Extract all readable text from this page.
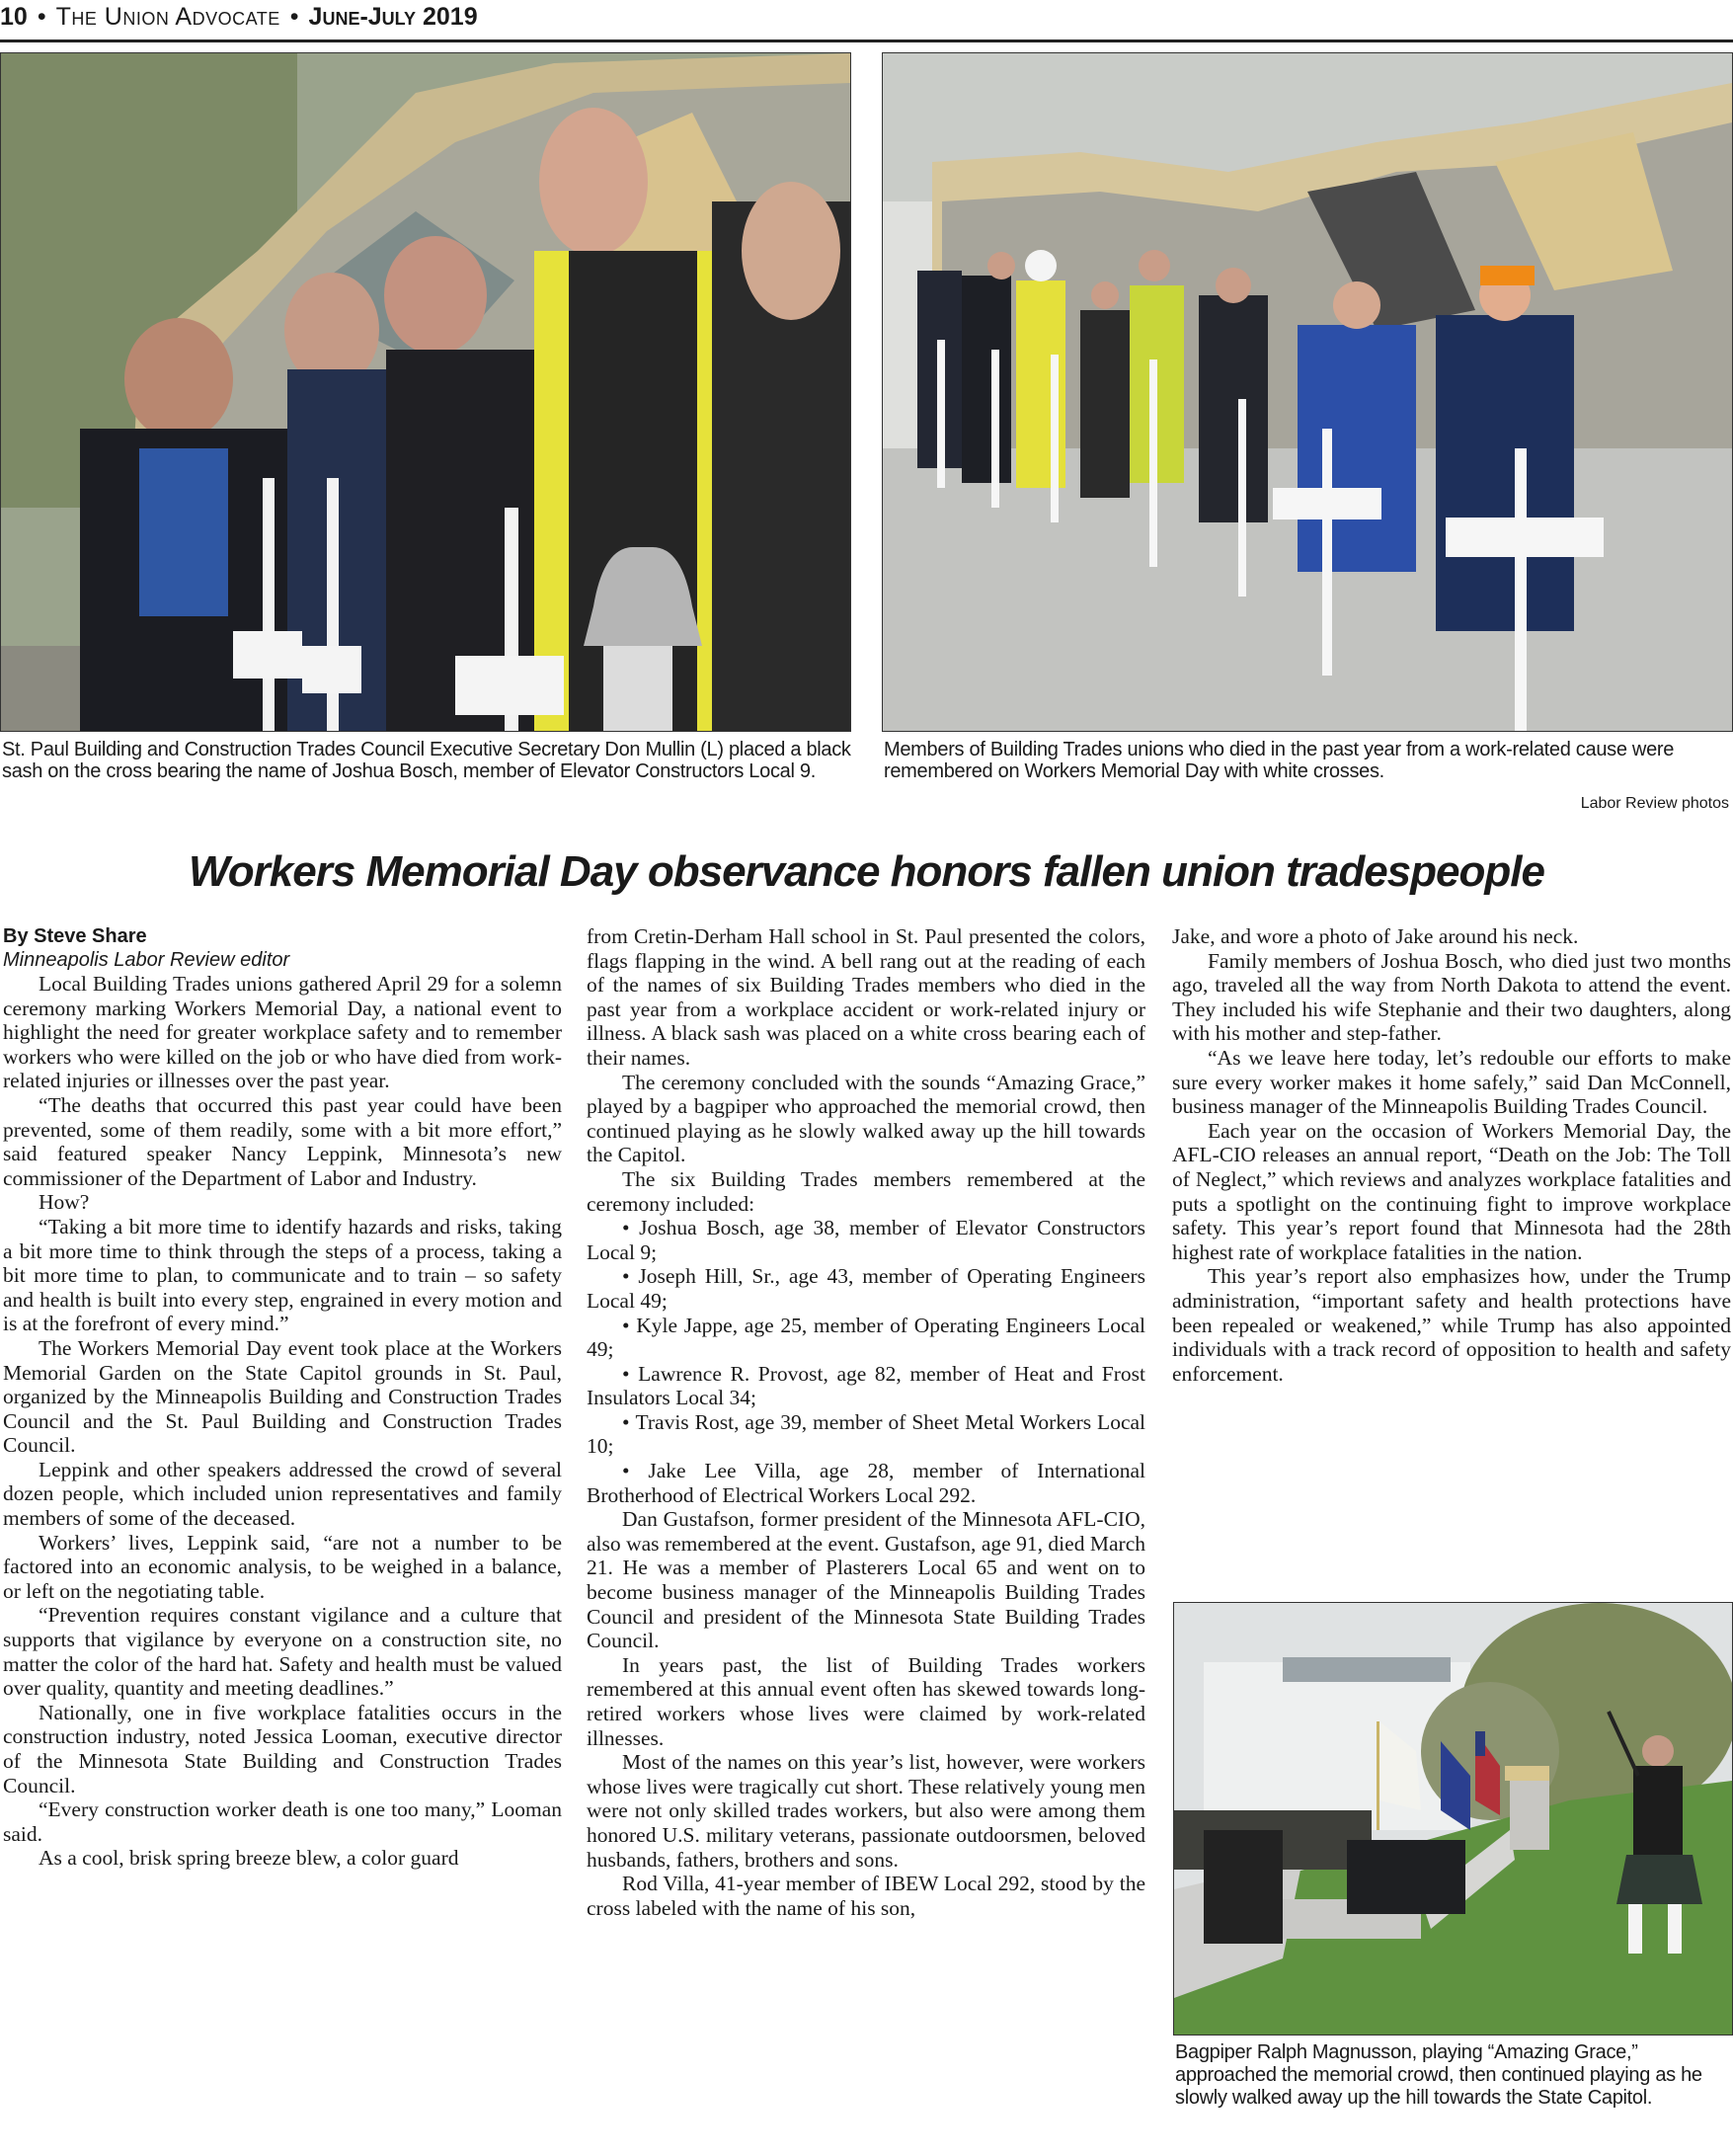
10 • The Union Advocate • June-July 2019
St. Paul Building and Construction Trades Council Executive Secretary Don Mullin (L) placed a black sash on the cross bearing the name of Joshua Bosch, member of Elevator Constructors Local 9.
Members of Building Trades unions who died in the past year from a work-related cause were remembered on Workers Memorial Day with white crosses.
Labor Review photos
Workers Memorial Day observance honors fallen union tradespeople
By Steve Share
Minneapolis Labor Review editor

Local Building Trades unions gathered April 29 for a solemn ceremony marking Workers Memorial Day, a national event to highlight the need for greater workplace safety and to remember workers who were killed on the job or who have died from work-related injuries or illnesses over the past year.

“The deaths that occurred this past year could have been prevented, some of them readily, some with a bit more effort,” said featured speaker Nancy Leppink, Minnesota’s new commissioner of the Department of Labor and Industry.

How?

“Taking a bit more time to identify hazards and risks, taking a bit more time to think through the steps of a process, taking a bit more time to plan, to communicate and to train – so safety and health is built into every step, engrained in every motion and is at the forefront of every mind.”

The Workers Memorial Day event took place at the Workers Memorial Garden on the State Capitol grounds in St. Paul, organized by the Minneapolis Building and Construction Trades Council and the St. Paul Building and Construction Trades Council.

Leppink and other speakers addressed the crowd of several dozen people, which included union representatives and family members of some of the deceased.

Workers’ lives, Leppink said, “are not a number to be factored into an economic analysis, to be weighed in a balance, or left on the negotiating table.

“Prevention requires constant vigilance and a culture that supports that vigilance by everyone on a construction site, no matter the color of the hard hat. Safety and health must be valued over quality, quantity and meeting deadlines.”

Nationally, one in five workplace fatalities occurs in the construction industry, noted Jessica Looman, executive director of the Minnesota State Building and Construction Trades Council.

“Every construction worker death is one too many,” Looman said.

As a cool, brisk spring breeze blew, a color guard

from Cretin-Derham Hall school in St. Paul presented the colors, flags flapping in the wind. A bell rang out at the reading of each of the names of six Building Trades members who died in the past year from a workplace accident or work-related injury or illness. A black sash was placed on a white cross bearing each of their names.

The ceremony concluded with the sounds “Amazing Grace,” played by a bagpiper who approached the memorial crowd, then continued playing as he slowly walked away up the hill towards the Capitol.

The six Building Trades members remembered at the ceremony included:

• Joshua Bosch, age 38, member of Elevator Constructors Local 9;

• Joseph Hill, Sr., age 43, member of Operating Engineers Local 49;

• Kyle Jappe, age 25, member of Operating Engineers Local 49;

• Lawrence R. Provost, age 82, member of Heat and Frost Insulators Local 34;

• Travis Rost, age 39, member of Sheet Metal Workers Local 10;

• Jake Lee Villa, age 28, member of International Brotherhood of Electrical Workers Local 292.

Dan Gustafson, former president of the Minnesota AFL-CIO, also was remembered at the event. Gustafson, age 91, died March 21. He was a member of Plasterers Local 65 and went on to become business manager of the Minneapolis Building Trades Council and president of the Minnesota State Building Trades Council.

In years past, the list of Building Trades workers remembered at this annual event often has skewed towards long-retired workers whose lives were claimed by work-related illnesses.

Most of the names on this year’s list, however, were workers whose lives were tragically cut short. These relatively young men were not only skilled trades workers, but also were among them honored U.S. military veterans, passionate outdoorsmen, beloved husbands, fathers, brothers and sons.

Rod Villa, 41-year member of IBEW Local 292, stood by the cross labeled with the name of his son,

Jake, and wore a photo of Jake around his neck.

Family members of Joshua Bosch, who died just two months ago, traveled all the way from North Dakota to attend the event. They included his wife Stephanie and their two daughters, along with his mother and step-father.

“As we leave here today, let’s redouble our efforts to make sure every worker makes it home safely,” said Dan McConnell, business manager of the Minneapolis Building Trades Council.

Each year on the occasion of Workers Memorial Day, the AFL-CIO releases an annual report, “Death on the Job: The Toll of Neglect,” which reviews and analyzes workplace fatalities and puts a spotlight on the continuing fight to improve workplace safety. This year’s report found that Minnesota had the 28th highest rate of workplace fatalities in the nation.

This year’s report also emphasizes how, under the Trump administration, “important safety and health protections have been repealed or weakened,” while Trump has also appointed individuals with a track record of opposition to health and safety enforcement.

Bagpiper Ralph Magnusson, playing “Amazing Grace,” approached the memorial crowd, then continued playing as he slowly walked away up the hill towards the State Capitol.
